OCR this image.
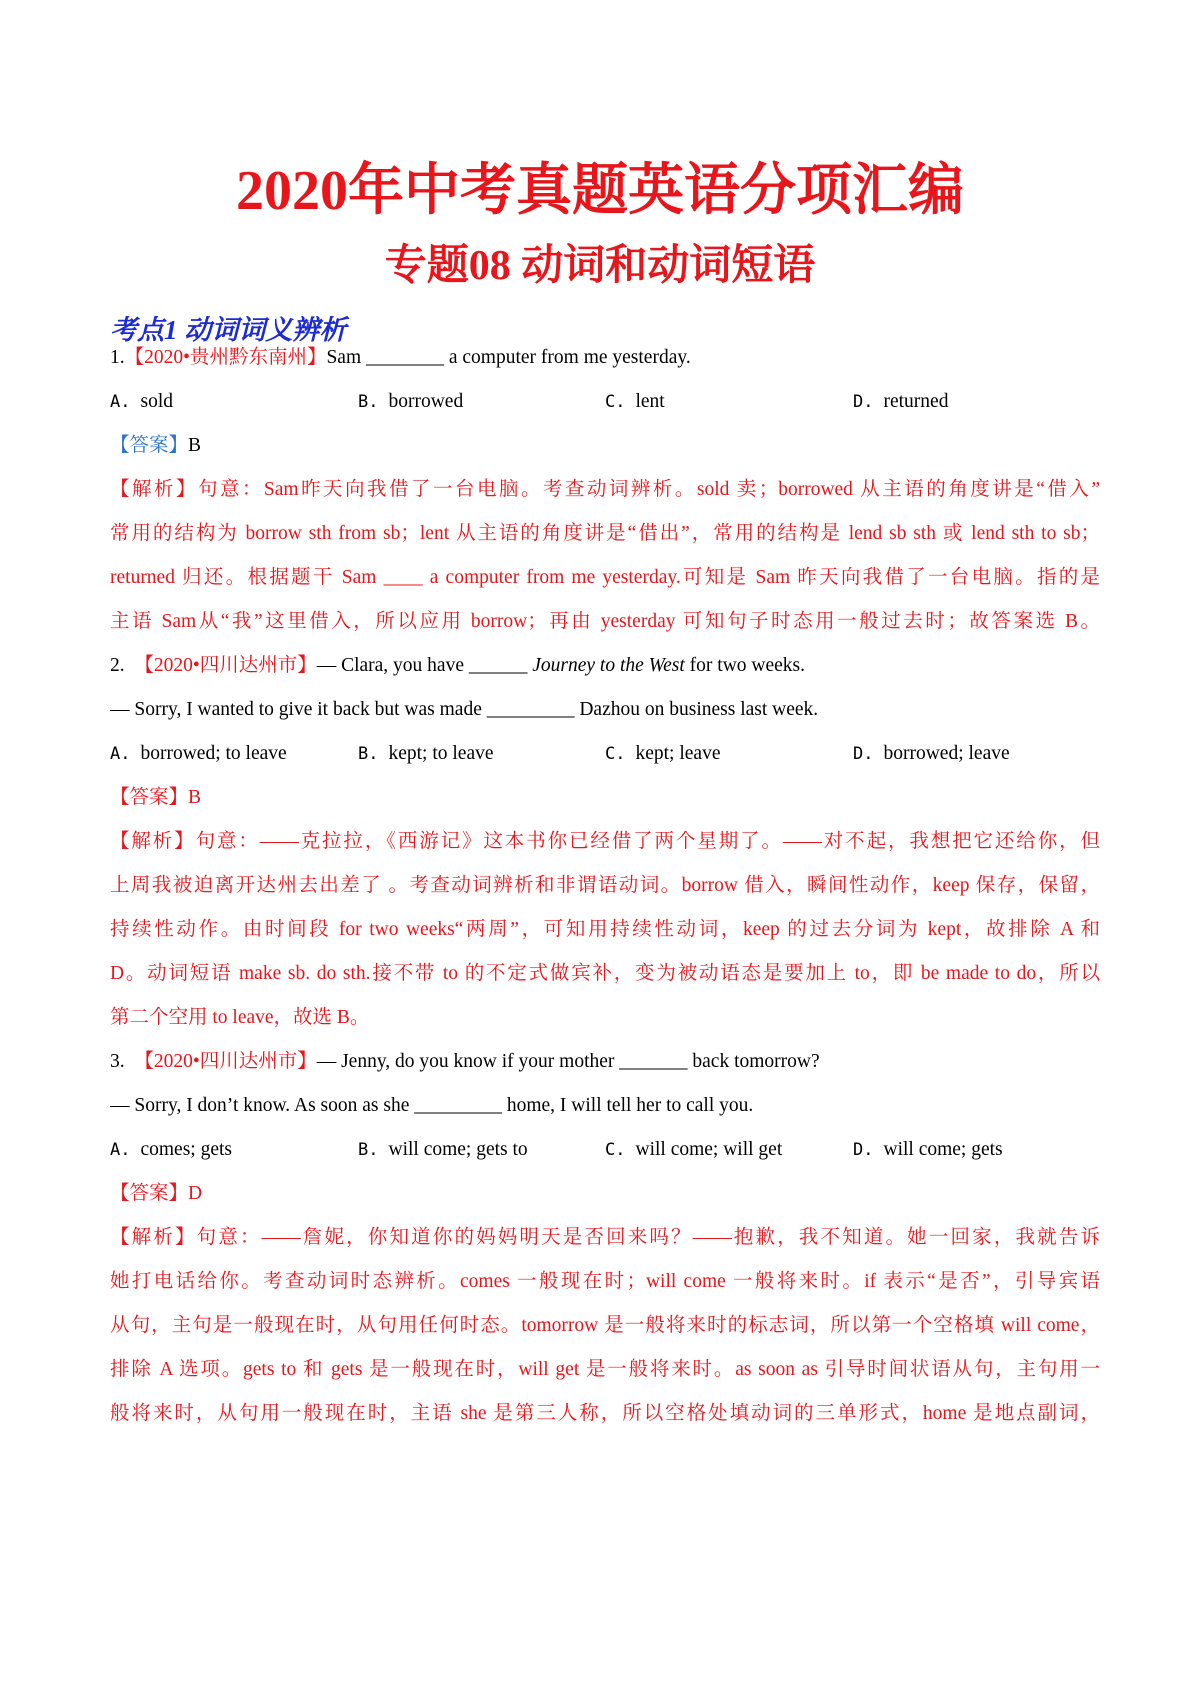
2020年中考真题英语分项汇编
专题08 动词和动词短语
考点1 动词词义辨析

1.【2020•贵州黔东南州】Sam ________ a computer from me yesterday.

A. sold	B. borrowed	C. lent	D. returned

【答案】B

【解析】句意：Sam昨天向我借了一台电脑。考查动词辨析。sold 卖；borrowed 从主语的角度讲是“借入”

常用的结构为 borrow sth from sb；lent 从主语的角度讲是“借出”，常用的结构是 lend sb sth 或 lend sth to sb；

returned 归还。根据题干 Sam ____ a computer from me yesterday.可知是 Sam 昨天向我借了一台电脑。指的是

主语 Sam从“我”这里借入，所以应用 borrow；再由 yesterday 可知句子时态用一般过去时；故答案选 B。

2. 【2020•四川达州市】— Clara, you have ______ Journey to the West for two weeks.

— Sorry, I wanted to give it back but was made _________ Dazhou on business last week.

A. borrowed; to leave	B. kept; to leave	C. kept; leave	D. borrowed; leave

【答案】B

【解析】句意：——克拉拉，《西游记》这本书你已经借了两个星期了。——对不起，我想把它还给你，但

上周我被迫离开达州去出差了 。考查动词辨析和非谓语动词。borrow 借入，瞬间性动作，keep 保存，保留，

持续性动作。由时间段 for two weeks“两周”，可知用持续性动词，keep 的过去分词为 kept，故排除 A 和

D。动词短语 make sb. do sth.接不带 to 的不定式做宾补，变为被动语态是要加上 to，即 be made to do，所以

第二个空用 to leave，故选 B。

3. 【2020•四川达州市】— Jenny, do you know if your mother _______ back tomorrow?

— Sorry, I don’t know. As soon as she _________ home, I will tell her to call you.

A. comes; gets	B. will come; gets to	C. will come; will get	D. will come; gets

【答案】D

【解析】句意：——詹妮，你知道你的妈妈明天是否回来吗？——抱歉，我不知道。她一回家，我就告诉

她打电话给你。考查动词时态辨析。comes 一般现在时；will come 一般将来时。if 表示“是否”，引导宾语

从句，主句是一般现在时，从句用任何时态。tomorrow 是一般将来时的标志词，所以第一个空格填 will come，

排除 A 选项。gets to 和 gets 是一般现在时，will get 是一般将来时。as soon as 引导时间状语从句，主句用一

般将来时，从句用一般现在时，主语 she 是第三人称，所以空格处填动词的三单形式，home 是地点副词，
